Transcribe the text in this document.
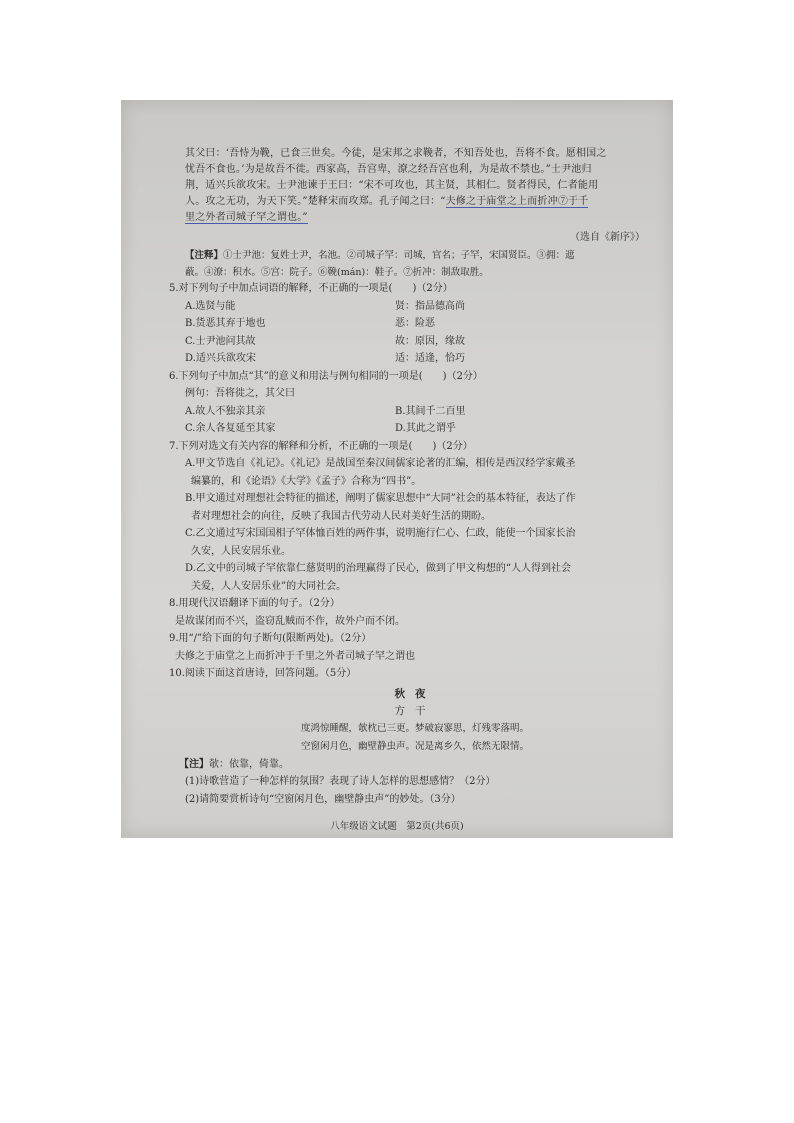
其父曰：‘吾恃为鞔，已食三世矣。今徒，是宋邦之求鞔者，不知吾处也，吾将不食。愿相国之

忧吾不食也。’为是故吾不徙。西家高，吾宫卑，潦之经吾宫也利，为是故不禁也。”士尹池归

荆，适兴兵欲攻宋。士尹池谏于王曰：“宋不可攻也，其主贤，其相仁。贤者得民，仁者能用

人。攻之无功，为天下笑。”楚释宋而攻郑。孔子闻之曰：“夫修之于庙堂之上而折冲⑦于千

里之外者司城子罕之谓也。”

（选自《新序》）

【注释】①士尹池：复姓士尹，名池。②司城子罕：司城，官名；子罕，宋国贤臣。③拥：遮

蔽。④潦：积水。⑤宫：院子。⑥鞔(mán)：鞋子。⑦折冲：制敌取胜。

5.对下列句子中加点词语的解释，不正确的一项是(　　)（2分）

A.选贤与能	贤：指品德高尚
B.货恶其弃于地也	恶：险恶
C.士尹池问其故	故：原因，缘故
D.适兴兵欲攻宋	适：适逢，恰巧

6.下列句子中加点“其”的意义和用法与例句相同的一项是(　　)（2分）

例句：吾将徙之，其父曰

A.故人不独亲其亲	B.其间千二百里
C.余人各复延至其家	D.其此之谓乎

7.下列对选文有关内容的解释和分析，不正确的一项是(　　)（2分）

A.甲文节选自《礼记》。《礼记》是战国至秦汉间儒家论著的汇编，相传是西汉经学家戴圣

编纂的，和《论语》《大学》《孟子》合称为“四书”。

B.甲文通过对理想社会特征的描述，阐明了儒家思想中“大同”社会的基本特征，表达了作

者对理想社会的向往，反映了我国古代劳动人民对美好生活的期盼。

C.乙文通过写宋国国相子罕体恤百姓的两件事，说明施行仁心、仁政，能使一个国家长治

久安，人民安居乐业。

D.乙文中的司城子罕依靠仁慈贤明的治理赢得了民心，做到了甲文构想的“人人得到社会

关爱，人人安居乐业”的大同社会。

8.用现代汉语翻译下面的句子。（2分）

是故谋闭而不兴，盗窃乱贼而不作，故外户而不闭。

9.用“/”给下面的句子断句(限断两处)。（2分）

夫修之于庙堂之上而折冲于千里之外者司城子罕之谓也

10.阅读下面这首唐诗，回答问题。（5分）

秋夜

方干

度鸿惊睡醒，欹枕已三更。梦破寂寥思，灯残零落明。

空窗闲月色，幽壁静虫声。况是离乡久，依然无限情。

【注】欹：依靠，倚靠。

(1)诗歌营造了一种怎样的氛围？表现了诗人怎样的思想感情？（2分）

(2)请简要赏析诗句“空窗闲月色，幽壁静虫声”的妙处。（3分）

八年级语文试题　第2页(共6页)
